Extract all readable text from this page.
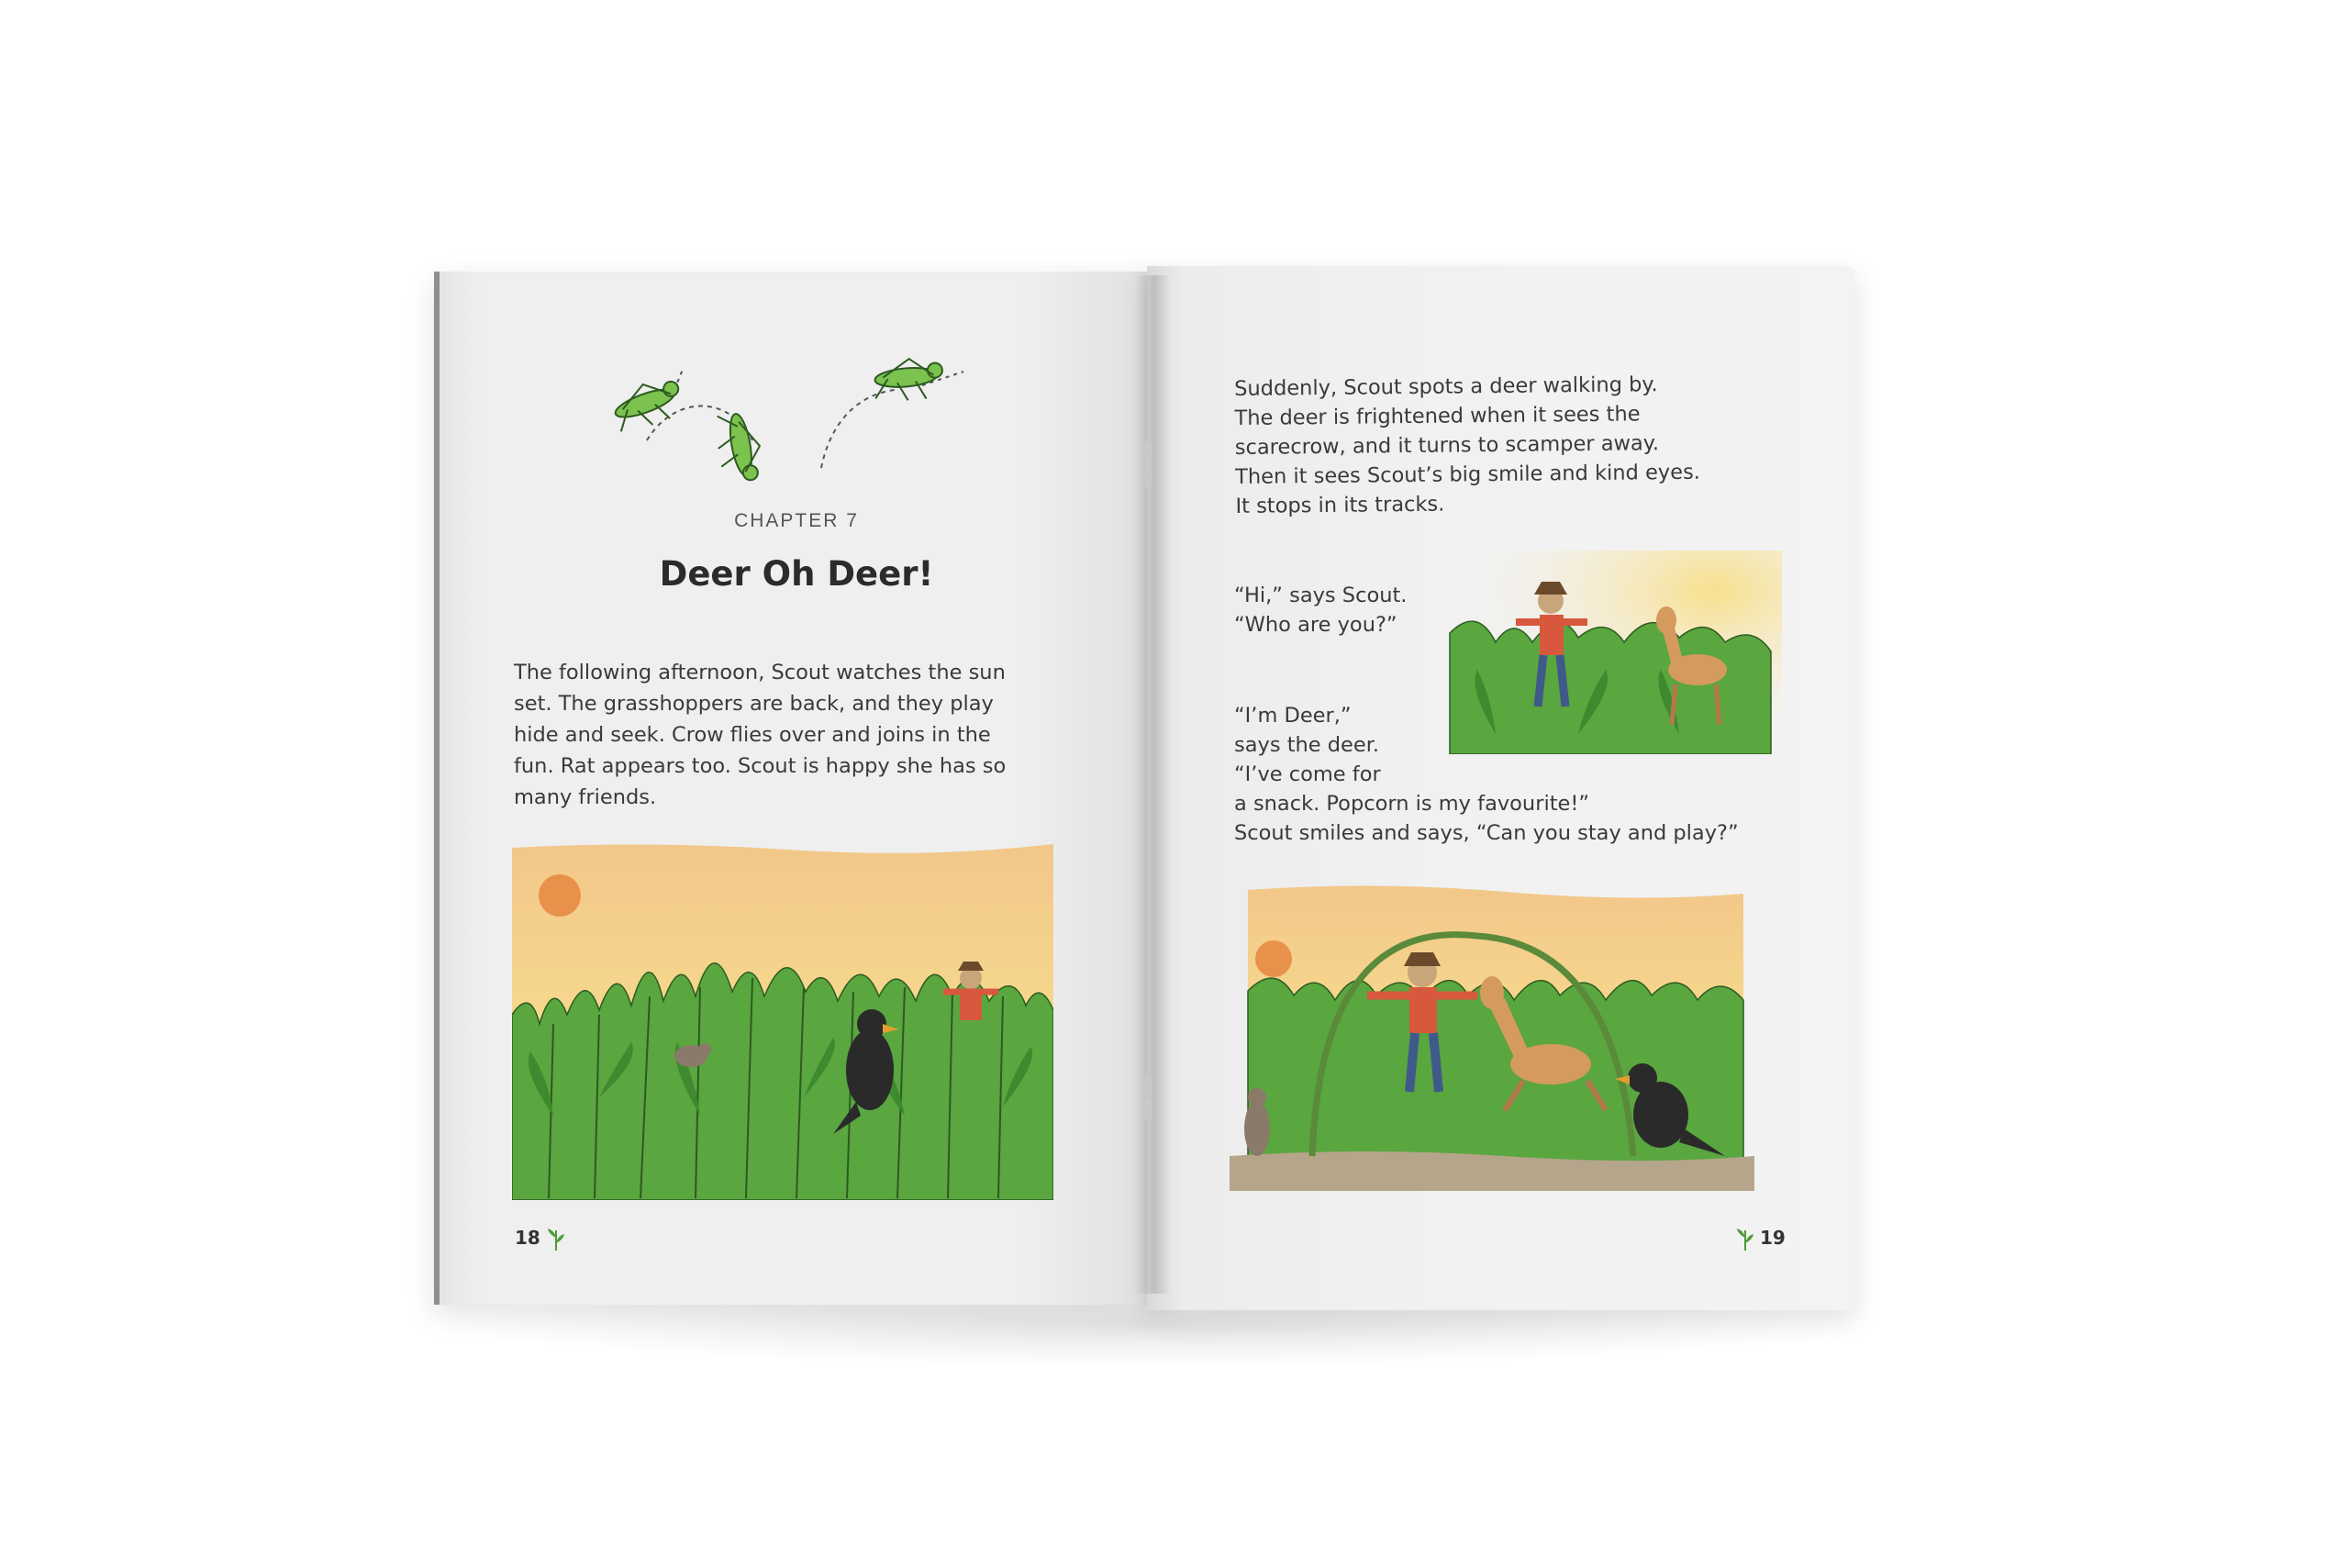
CHAPTER 7
Deer Oh Deer!
The following afternoon, Scout watches the sun set. The grasshoppers are back, and they play hide and seek. Crow flies over and joins in the fun. Rat appears too. Scout is happy she has so many friends.
18
Suddenly, Scout spots a deer walking by.
The deer is frightened when it sees the
scarecrow, and it turns to scamper away.
Then it sees Scout’s big smile and kind eyes.
It stops in its tracks.
“Hi,” says Scout.
“Who are you?”
“I’m Deer,”
says the deer.
“I’ve come for
a snack. Popcorn is my favourite!”
Scout smiles and says, “Can you stay and play?”
19
